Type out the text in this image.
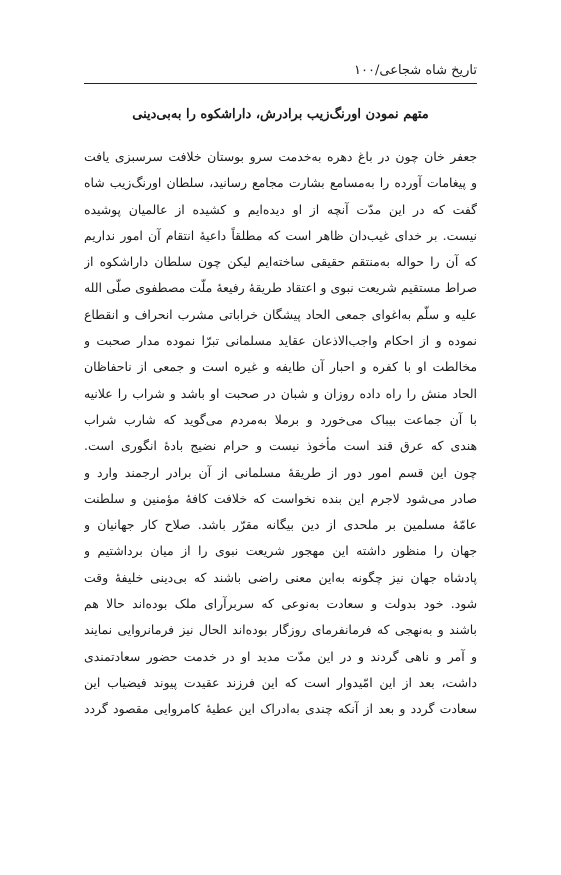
تاریخ شاه شجاعی/۱۰۰
متهم نمودن اورنگ‌زیب برادرش، داراشکوه را به‌بی‌دینی
جعفر خان چون در باغ دهره به‌خدمت سرو بوستان خلافت سرسبزی یافت
و پیغامات آورده را به‌مسامع بشارت مجامع رسانید، سلطان اورنگ‌زیب شاه
گفت که در این مدّت آنچه از او دیده‌ایم و کشیده از عالمیان پوشیده
نیست. بر خدای غیب‌دان ظاهر است که مطلقاً داعیهٔ انتقام آن امور نداریم
که آن را حواله به‌منتقم حقیقی ساخته‌ایم لیکن چون سلطان داراشکوه از
صراط مستقیم شریعت نبوی و اعتقاد طریقهٔ رفیعهٔ ملّت مصطفوی صلّی الله
علیه و سلّم به‌اغوای جمعی الحاد پیشگان خراباتی مشرب انحراف و انقطاع
نموده و از احکام واجب‌الاذعان عقاید مسلمانی تبرّا نموده مدار صحبت و
مخالطت او با کفره و احبار آن طایفه و غیره است و جمعی از ناحفاظان
الحاد منش را راه داده روزان و شبان در صحبت او باشد و شراب را علانیه
با آن جماعت بیباک می‌خورد و برملا به‌مردم می‌گوید که شارب شراب
هندی که عرق قند است مأخوذ نیست و حرام نضیج بادهٔ انگوری است.
چون این قسم امور دور از طریقهٔ مسلمانی از آن برادر ارجمند وارد و
صادر می‌شود لاجرم این بنده نخواست که خلافت کافهٔ مؤمنین و سلطنت
عامّهٔ مسلمین بر ملحدی از دین بیگانه مقرّر باشد. صلاح کار جهانیان و
جهان را منظور داشته این مهجور شریعت نبوی را از میان برداشتیم و
پادشاه جهان نیز چگونه به‌این معنی راضی باشند که بی‌دینی خلیفهٔ وقت
شود. خود بدولت و سعادت به‌نوعی که سربرآرای ملک بوده‌اند حالا هم
باشند و به‌نهجی که فرمانفرمای روزگار بوده‌اند الحال نیز فرمانروایی نمایند
و آمر و ناهی گردند و در این مدّت مدید او در خدمت حضور سعادتمندی
داشت، بعد از این امّیدوار است که این فرزند عقیدت پیوند فیضیاب این
سعادت گردد و بعد از آنکه چندی به‌ادراک این عطیهٔ کامروایی مقصود گردد
